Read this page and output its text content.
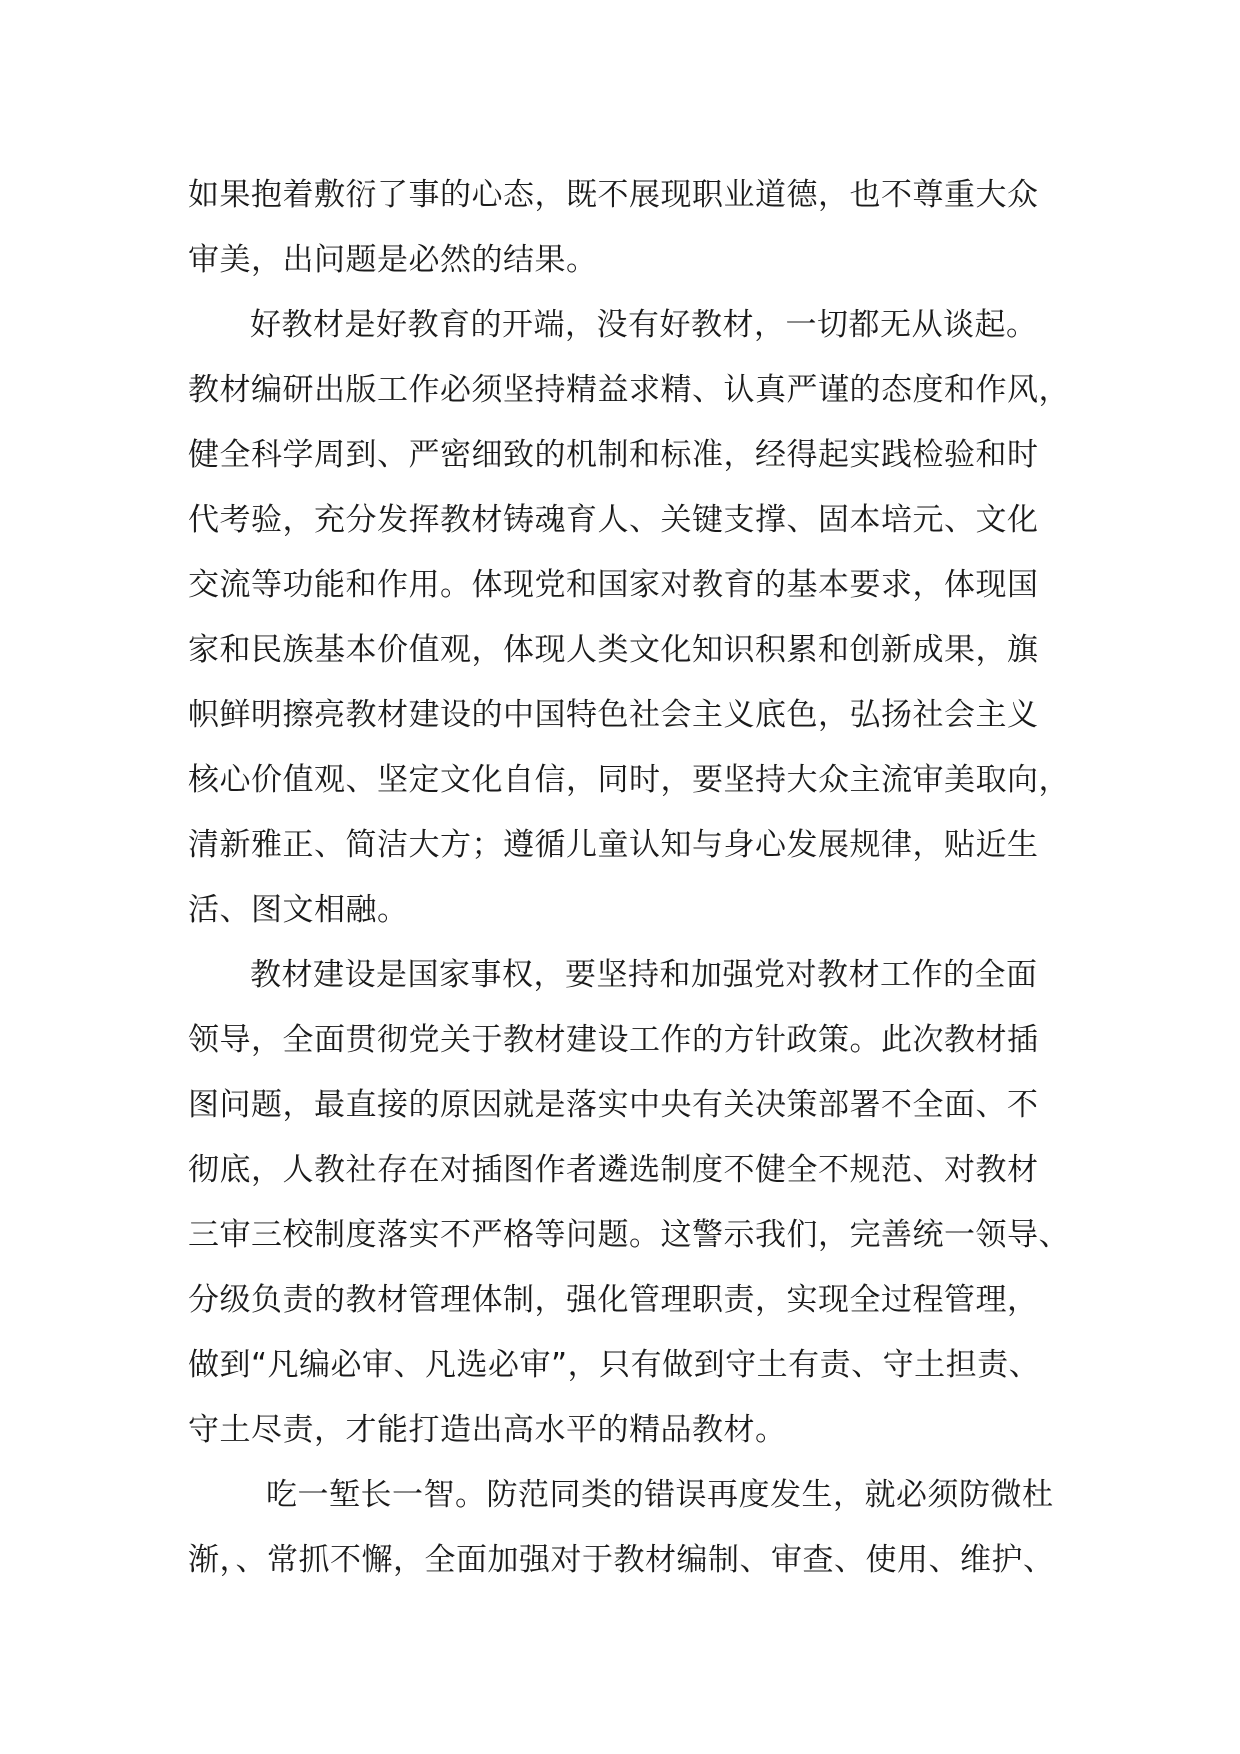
如果抱着敷衍了事的心态，既不展现职业道德，也不尊重大众
审美，出问题是必然的结果。
好教材是好教育的开端，没有好教材，一切都无从谈起。
教材编研出版工作必须坚持精益求精、认真严谨的态度和作风，
健全科学周到、严密细致的机制和标准，经得起实践检验和时
代考验，充分发挥教材铸魂育人、关键支撑、固本培元、文化
交流等功能和作用。体现党和国家对教育的基本要求，体现国
家和民族基本价值观，体现人类文化知识积累和创新成果，旗
帜鲜明擦亮教材建设的中国特色社会主义底色，弘扬社会主义
核心价值观、坚定文化自信，同时，要坚持大众主流审美取向，
清新雅正、简洁大方；遵循儿童认知与身心发展规律，贴近生
活、图文相融。
教材建设是国家事权，要坚持和加强党对教材工作的全面
领导，全面贯彻党关于教材建设工作的方针政策。此次教材插
图问题，最直接的原因就是落实中央有关决策部署不全面、不
彻底，人教社存在对插图作者遴选制度不健全不规范、对教材
三审三校制度落实不严格等问题。这警示我们，完善统一领导、
分级负责的教材管理体制，强化管理职责，实现全过程管理，
做到“凡编必审、凡选必审”，只有做到守土有责、守土担责、
守土尽责，才能打造出高水平的精品教材。
吃一堑长一智。防范同类的错误再度发生，就必须防微杜
渐，、常抓不懈，全面加强对于教材编制、审查、使用、维护、
